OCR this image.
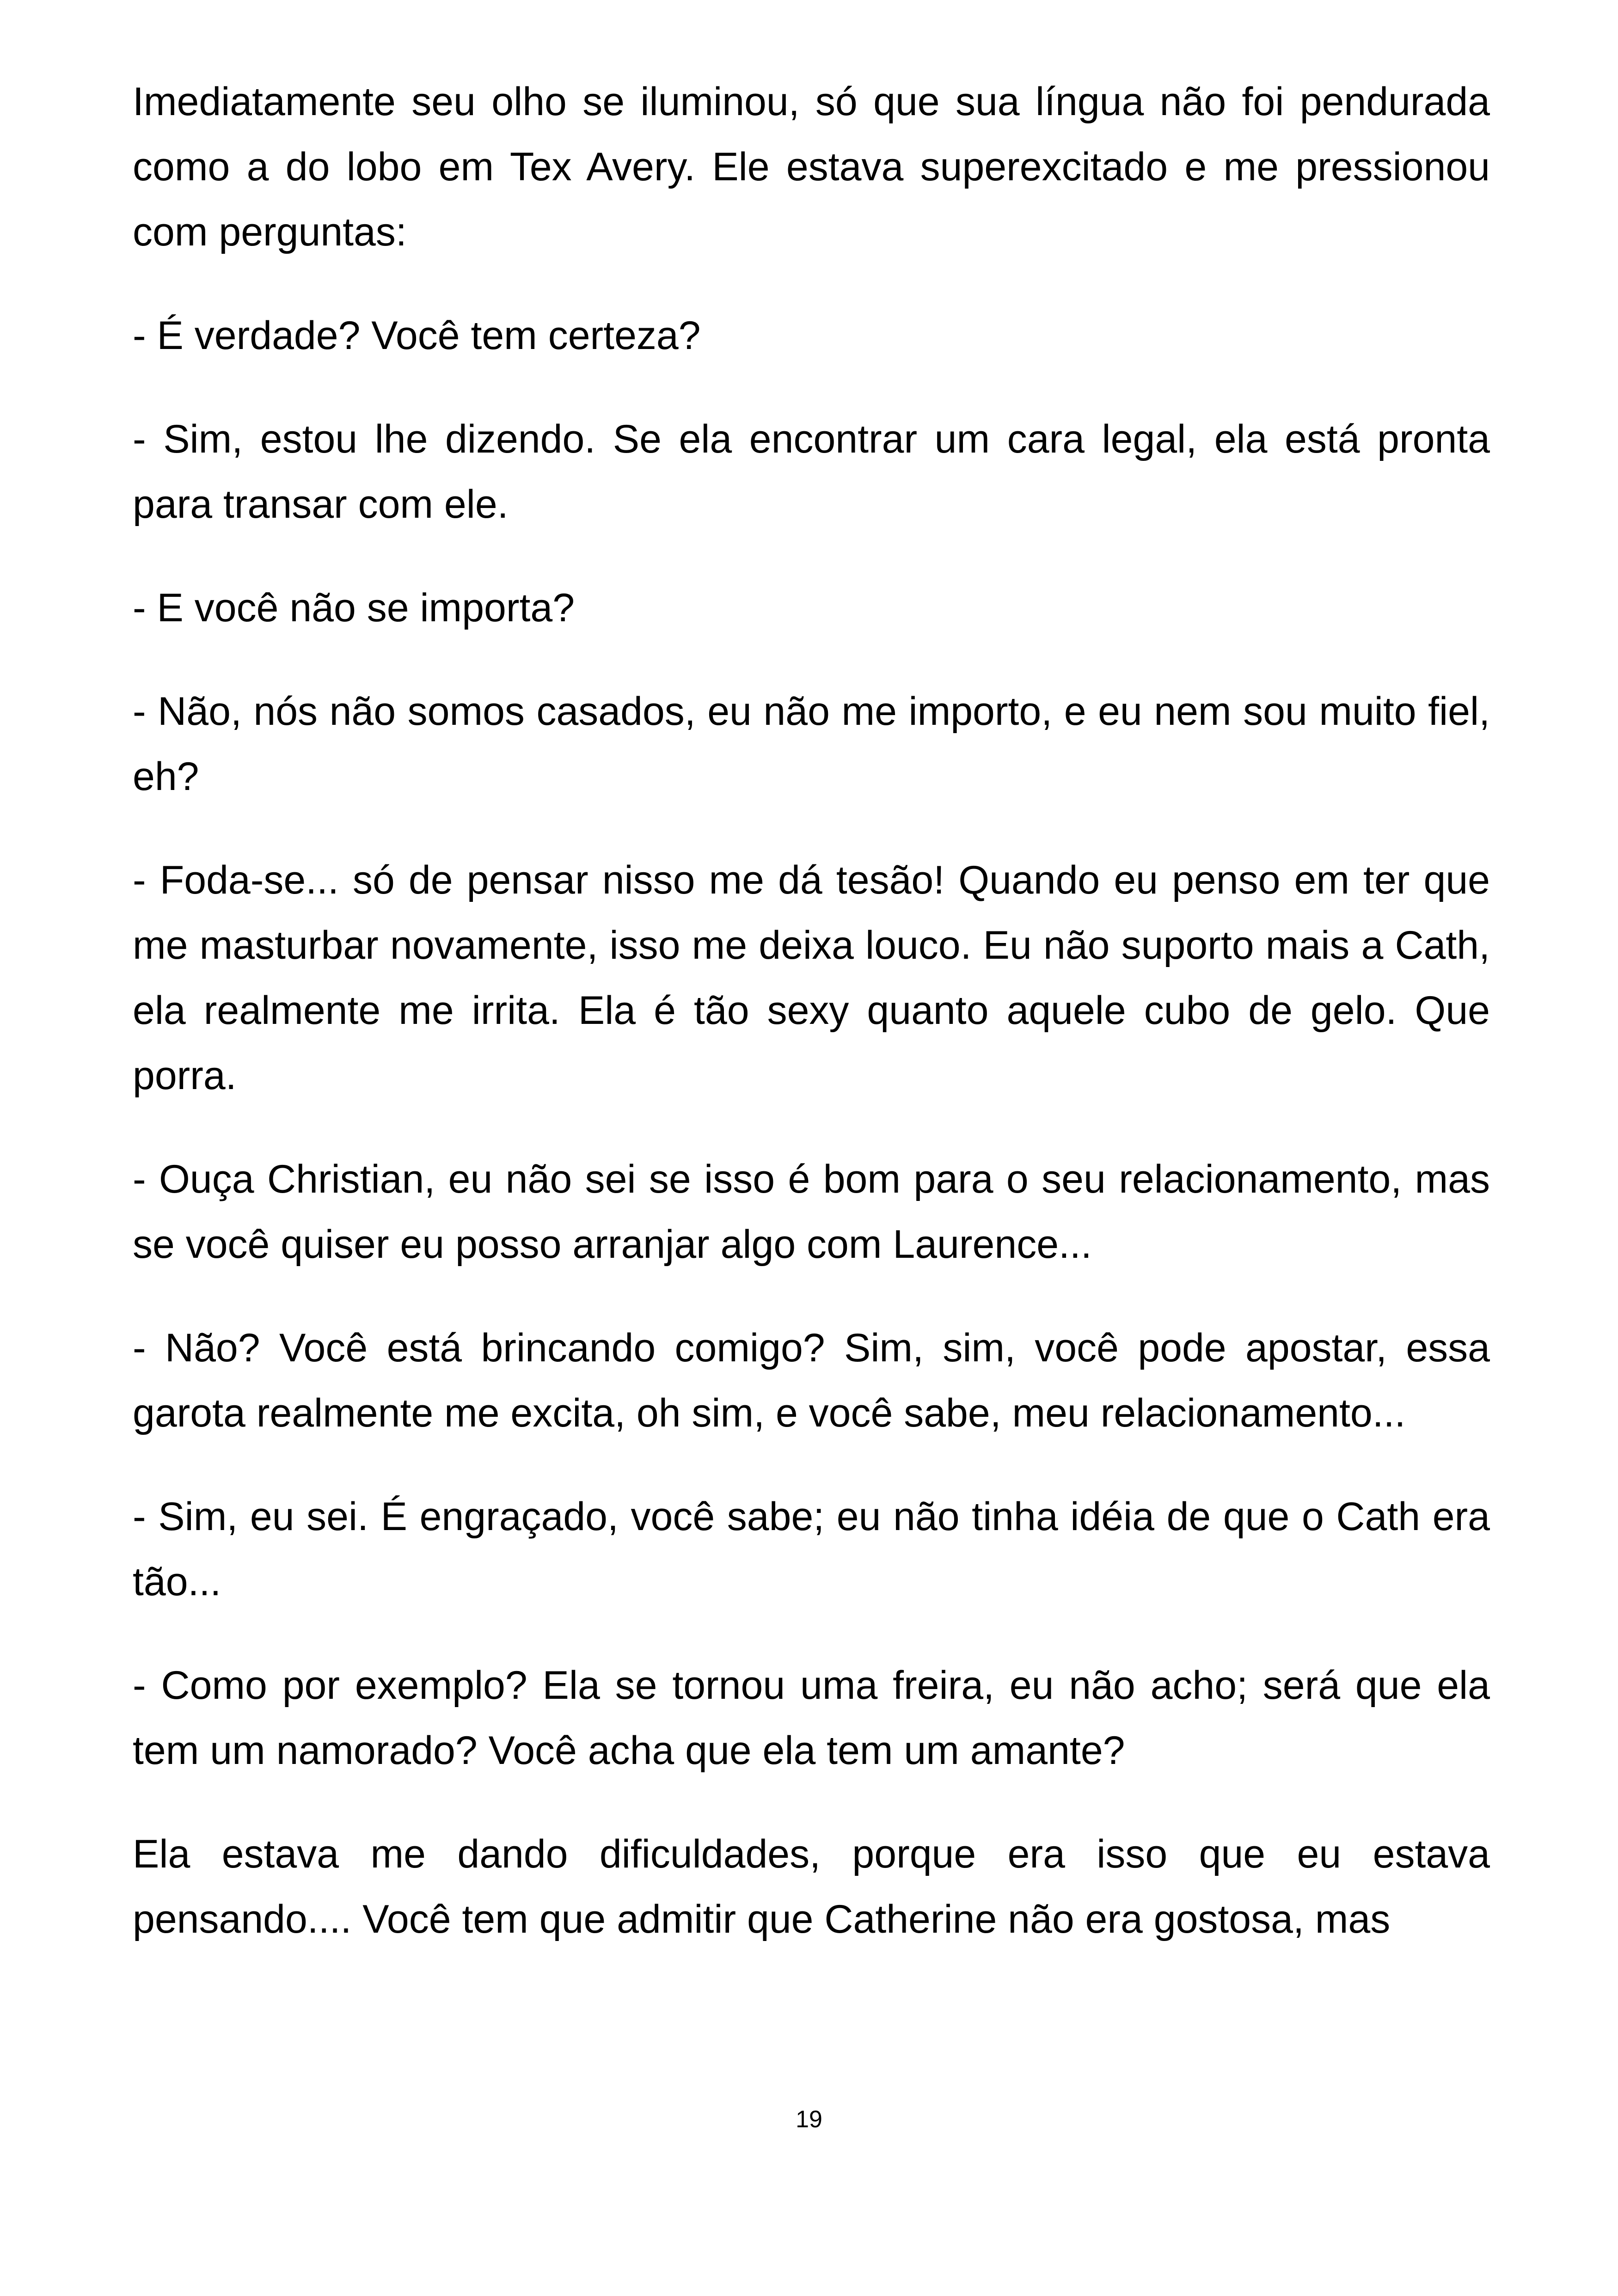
Imediatamente seu olho se iluminou, só que sua língua não foi pendurada como a do lobo em Tex Avery. Ele estava superexcitado e me pressionou com perguntas:

- É verdade? Você tem certeza?

- Sim, estou lhe dizendo. Se ela encontrar um cara legal, ela está pronta para transar com ele.

- E você não se importa?

- Não, nós não somos casados, eu não me importo, e eu nem sou muito fiel, eh?

- Foda-se... só de pensar nisso me dá tesão! Quando eu penso em ter que me masturbar novamente, isso me deixa louco. Eu não suporto mais a Cath, ela realmente me irrita. Ela é tão sexy quanto aquele cubo de gelo. Que porra.

- Ouça Christian, eu não sei se isso é bom para o seu relacionamento, mas se você quiser eu posso arranjar algo com Laurence...

- Não? Você está brincando comigo? Sim, sim, você pode apostar, essa garota realmente me excita, oh sim, e você sabe, meu relacionamento...

- Sim, eu sei. É engraçado, você sabe; eu não tinha idéia de que o Cath era tão...

- Como por exemplo? Ela se tornou uma freira, eu não acho; será que ela tem um namorado? Você acha que ela tem um amante?

Ela estava me dando dificuldades, porque era isso que eu estava pensando.... Você tem que admitir que Catherine não era gostosa, mas

19
